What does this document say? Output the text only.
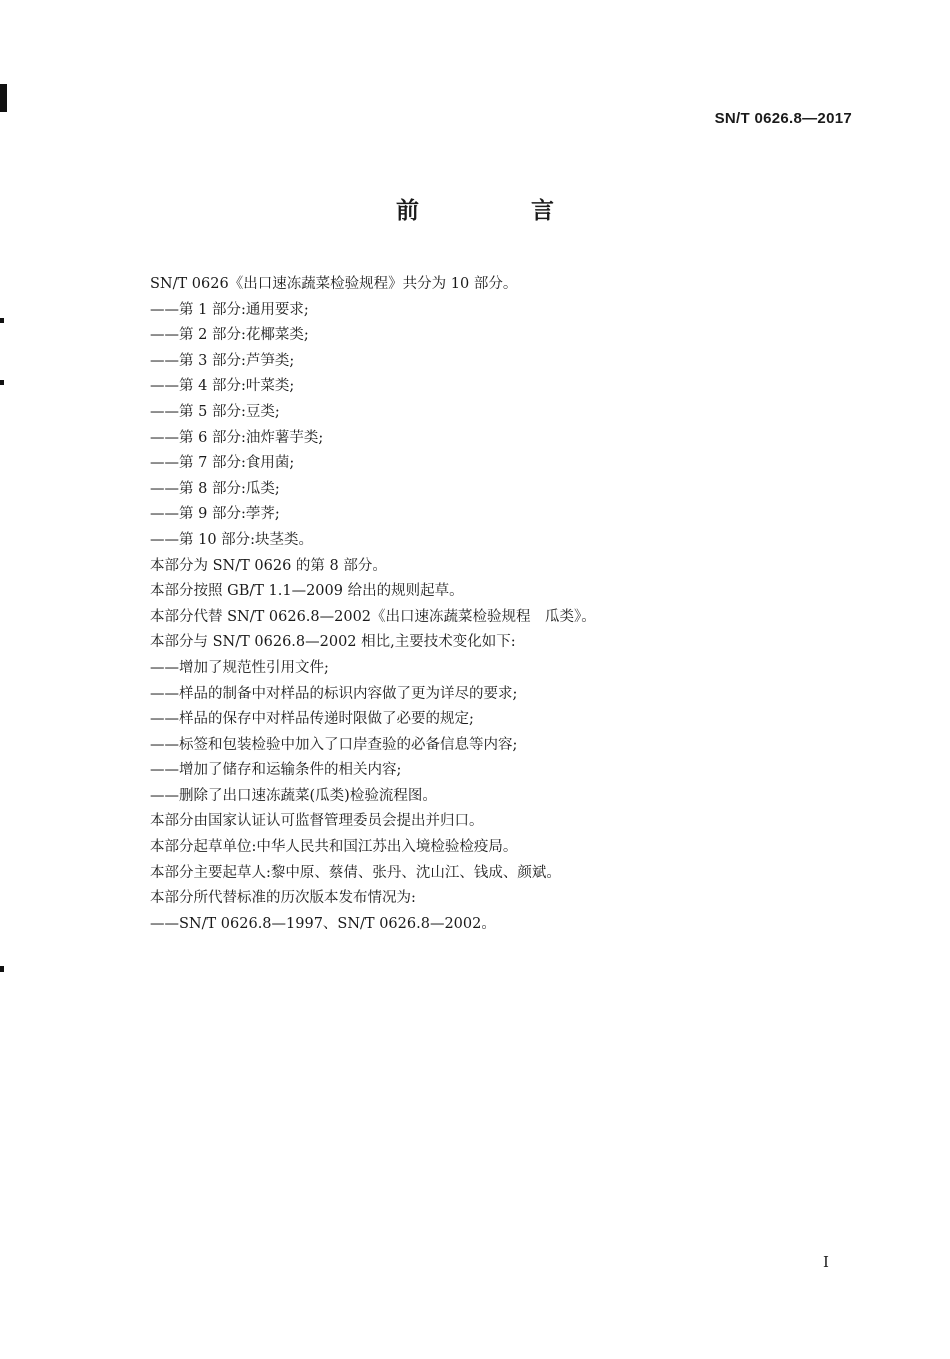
SN/T 0626.8—2017
前 言
SN/T 0626《出口速冻蔬菜检验规程》共分为 10 部分。
——第 1 部分:通用要求;
——第 2 部分:花椰菜类;
——第 3 部分:芦笋类;
——第 4 部分:叶菜类;
——第 5 部分:豆类;
——第 6 部分:油炸薯芋类;
——第 7 部分:食用菌;
——第 8 部分:瓜类;
——第 9 部分:荸荠;
——第 10 部分:块茎类。
本部分为 SN/T 0626 的第 8 部分。
本部分按照 GB/T 1.1—2009 给出的规则起草。
本部分代替 SN/T 0626.8—2002《出口速冻蔬菜检验规程　瓜类》。
本部分与 SN/T 0626.8—2002 相比,主要技术变化如下:
——增加了规范性引用文件;
——样品的制备中对样品的标识内容做了更为详尽的要求;
——样品的保存中对样品传递时限做了必要的规定;
——标签和包装检验中加入了口岸查验的必备信息等内容;
——增加了储存和运输条件的相关内容;
——删除了出口速冻蔬菜(瓜类)检验流程图。
本部分由国家认证认可监督管理委员会提出并归口。
本部分起草单位:中华人民共和国江苏出入境检验检疫局。
本部分主要起草人:黎中原、蔡倩、张丹、沈山江、钱成、颜斌。
本部分所代替标准的历次版本发布情况为:
——SN/T 0626.8—1997、SN/T 0626.8—2002。
I
